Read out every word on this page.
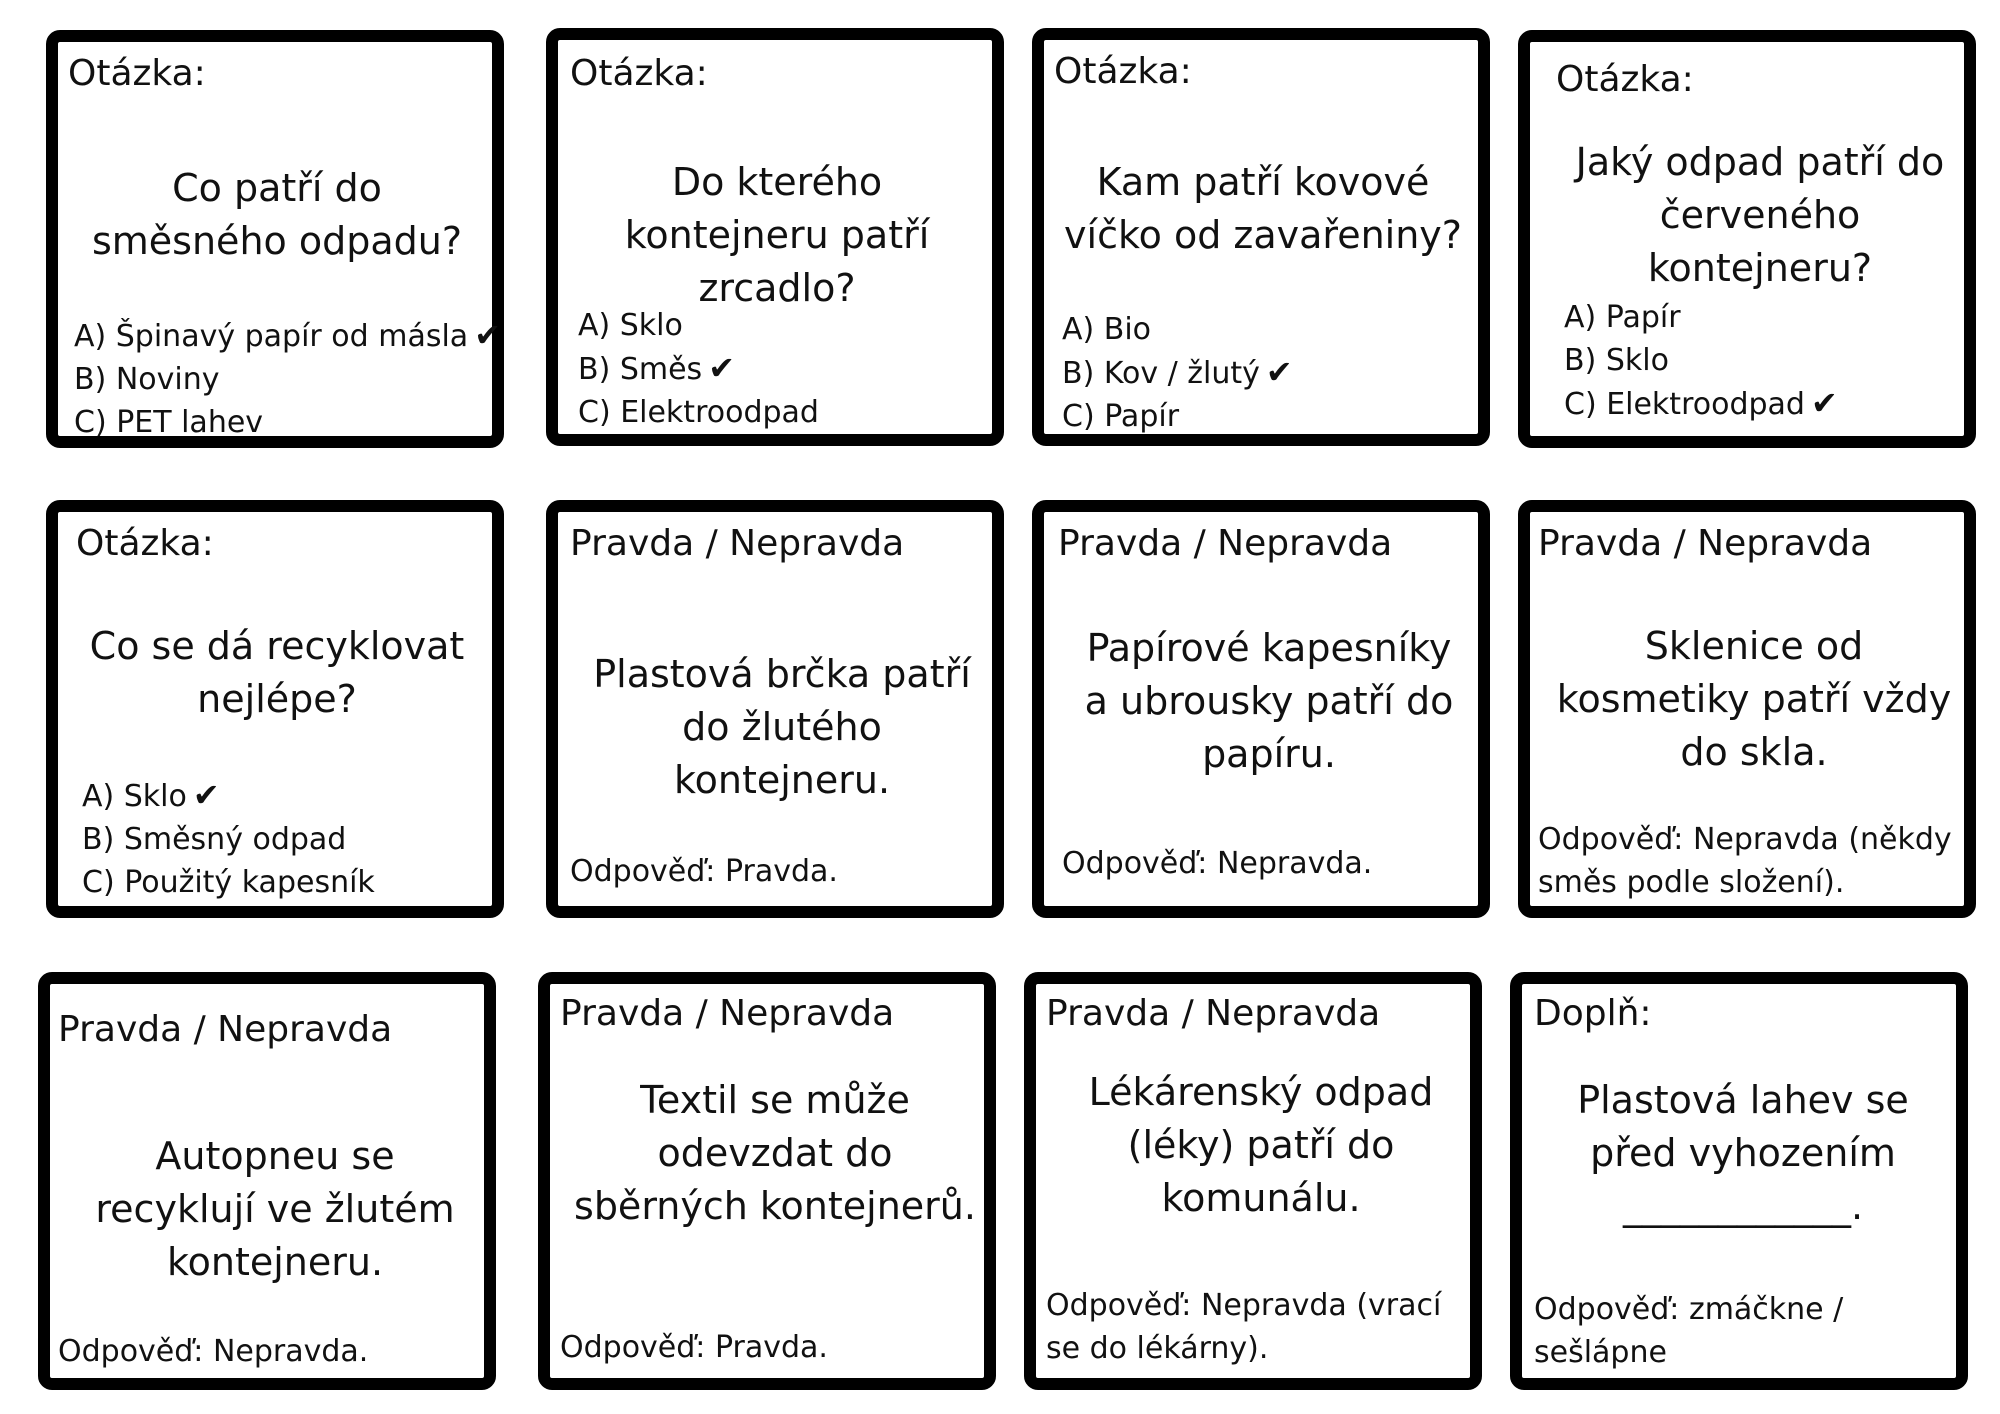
Otázka:
Co patří do směsného odpadu?
A) Špinavý papír od másla ✔
B) Noviny
C) PET lahev
Otázka:
Do kterého kontejneru patří zrcadlo?
A) Sklo
B) Směs ✔
C) Elektroodpad
Otázka:
Kam patří kovové víčko od zavařeniny?
A) Bio
B) Kov / žlutý ✔
C) Papír
Otázka:
Jaký odpad patří do červeného kontejneru?
A) Papír
B) Sklo
C) Elektroodpad ✔
Otázka:
Co se dá recyklovat nejlépe?
A) Sklo ✔
B) Směsný odpad
C) Použitý kapesník
Pravda / Nepravda
Plastová brčka patří do žlutého kontejneru.
Odpověď: Pravda.
Pravda / Nepravda
Papírové kapesníky a ubrousky patří do papíru.
Odpověď: Nepravda.
Pravda / Nepravda
Sklenice od kosmetiky patří vždy do skla.
Odpověď: Nepravda (někdy směs podle složení).
Pravda / Nepravda
Autopneu se recyklují ve žlutém kontejneru.
Odpověď: Nepravda.
Pravda / Nepravda
Textil se může odevzdat do sběrných kontejnerů.
Odpověď: Pravda.
Pravda / Nepravda
Lékárenský odpad (léky) patří do komunálu.
Odpověď: Nepravda (vrací se do lékárny).
Doplň:
Plastová lahev se před vyhozením ____________.
Odpověď: zmáčkne / sešlápne
